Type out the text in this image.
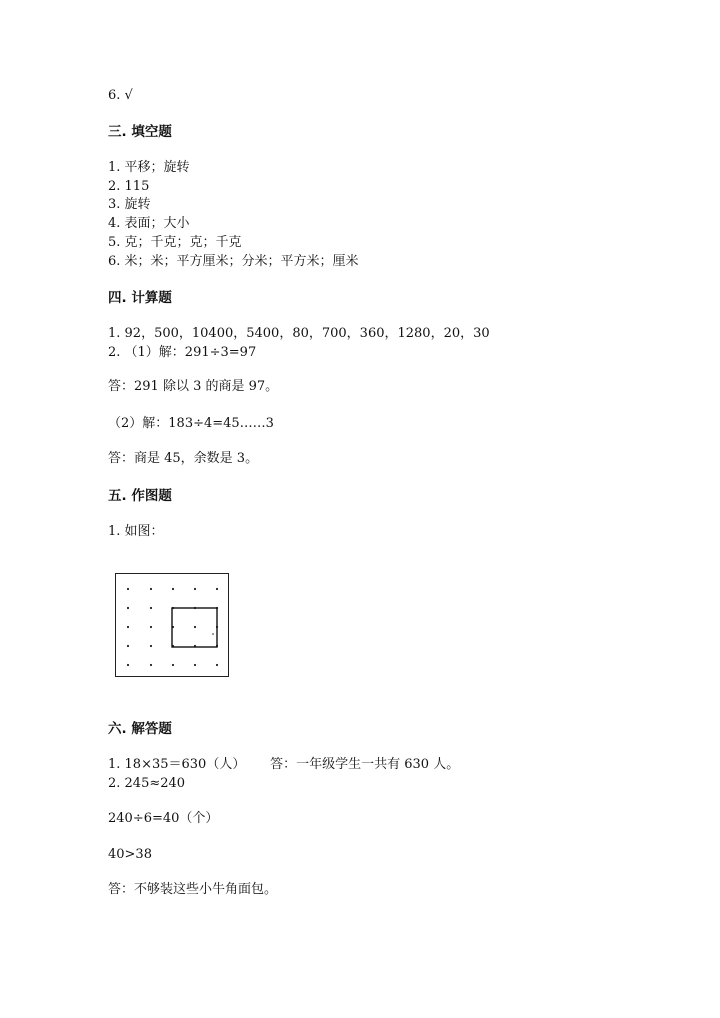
6. √
三. 填空题
1. 平移；旋转
2. 115
3. 旋转
4. 表面；大小
5. 克；千克；克；千克
6. 米；米；平方厘米；分米；平方米；厘米
四. 计算题
1. 92，500，10400，5400，80，700，360，1280，20，30
2. （1）解：291÷3=97
答：291 除以 3 的商是 97。
（2）解：183÷4=45……3
答：商是 45，余数是 3。
五. 作图题
1. 如图：
六. 解答题
1. 18×35＝630（人）      答：一年级学生一共有 630 人。
2. 245≈240
240÷6=40（个）
40>38
答：不够装这些小牛角面包。
